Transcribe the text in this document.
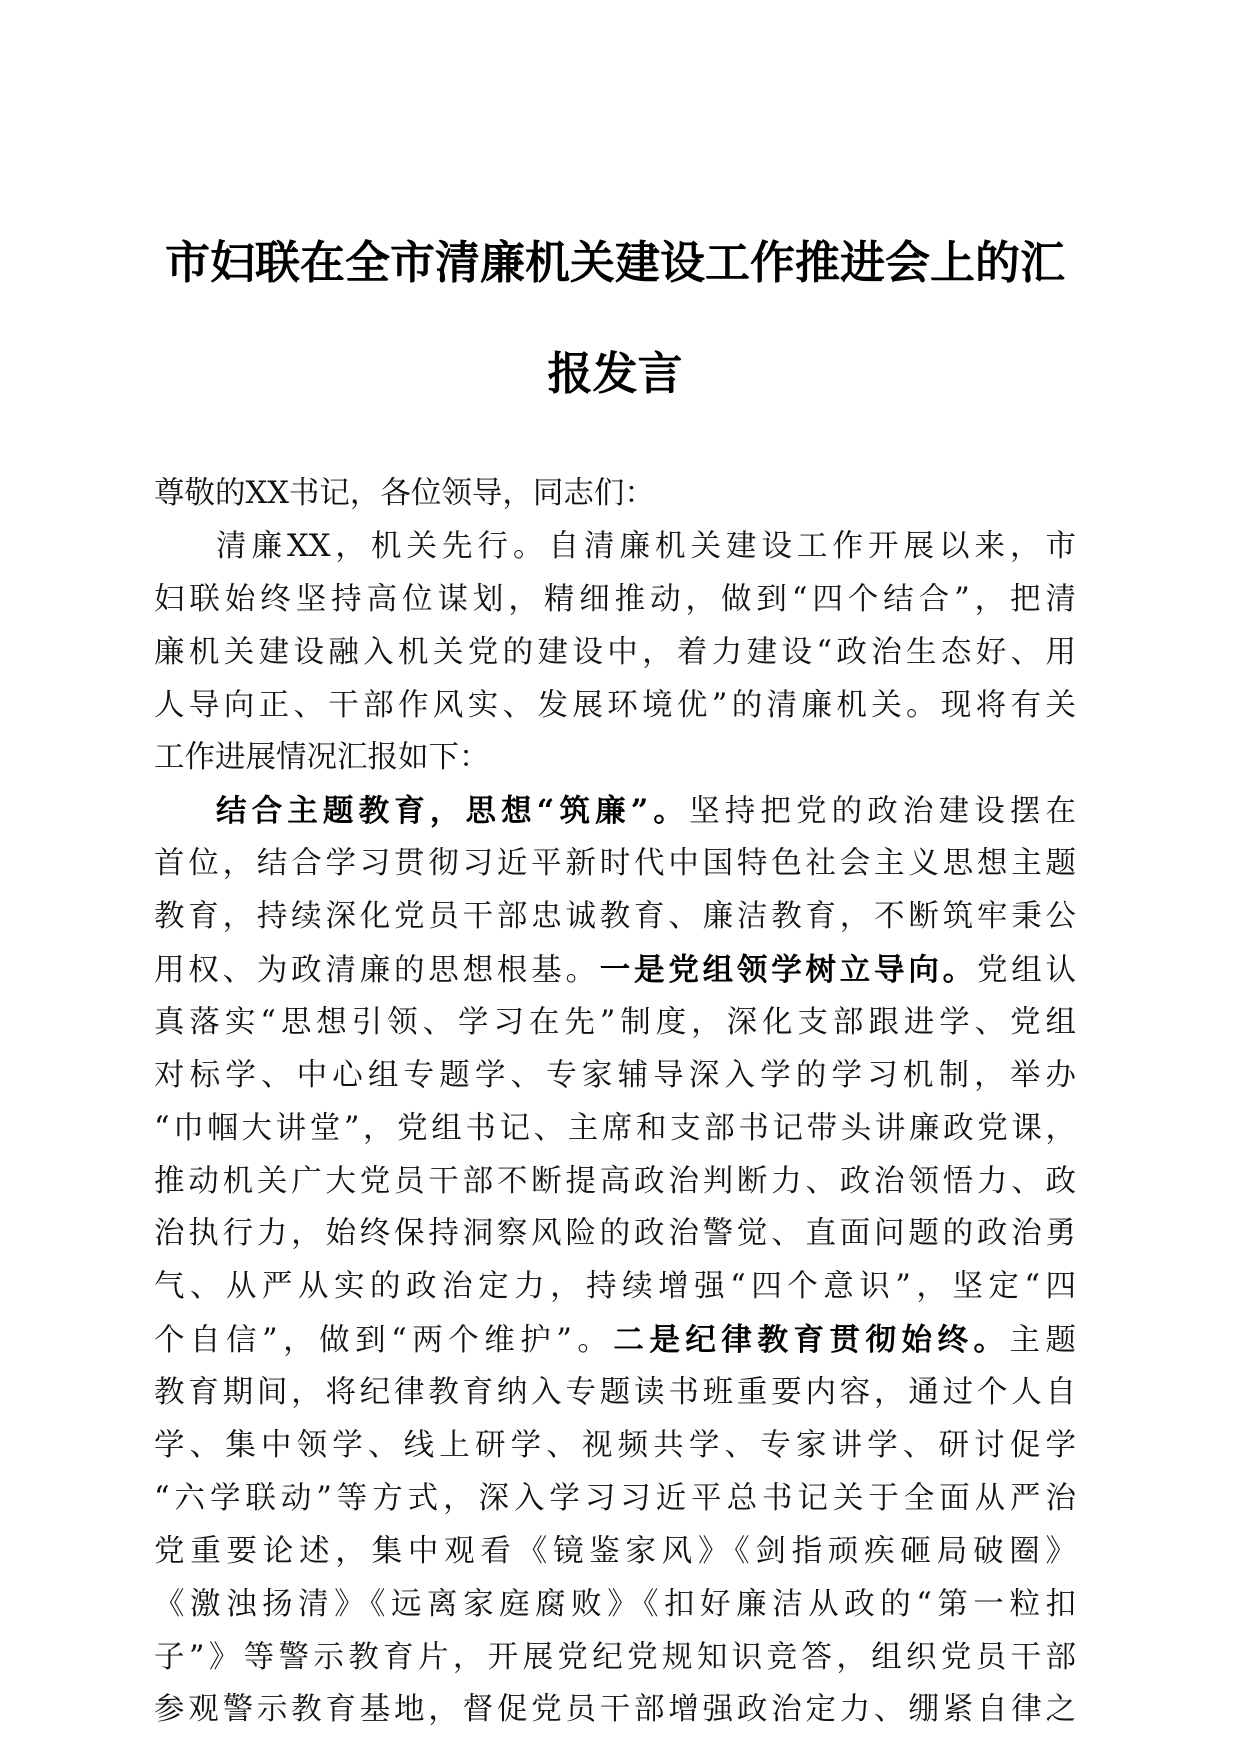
市妇联在全市清廉机关建设工作推进会上的汇
报发言
尊敬的XX书记，各位领导，同志们：
清廉XX，机关先行。自清廉机关建设工作开展以来，市
妇联始终坚持高位谋划，精细推动，做到“四个结合”，把清
廉机关建设融入机关党的建设中，着力建设“政治生态好、用
人导向正、干部作风实、发展环境优”的清廉机关。现将有关
工作进展情况汇报如下：
结合主题教育，思想“筑廉”。坚持把党的政治建设摆在
首位，结合学习贯彻习近平新时代中国特色社会主义思想主题
教育，持续深化党员干部忠诚教育、廉洁教育，不断筑牢秉公
用权、为政清廉的思想根基。一是党组领学树立导向。党组认
真落实“思想引领、学习在先”制度，深化支部跟进学、党组
对标学、中心组专题学、专家辅导深入学的学习机制，举办
“巾帼大讲堂”，党组书记、主席和支部书记带头讲廉政党课，
推动机关广大党员干部不断提高政治判断力、政治领悟力、政
治执行力，始终保持洞察风险的政治警觉、直面问题的政治勇
气、从严从实的政治定力，持续增强“四个意识”，坚定“四
个自信”，做到“两个维护”。二是纪律教育贯彻始终。主题
教育期间，将纪律教育纳入专题读书班重要内容，通过个人自
学、集中领学、线上研学、视频共学、专家讲学、研讨促学
“六学联动”等方式，深入学习习近平总书记关于全面从严治
党重要论述，集中观看《镜鉴家风》《剑指顽疾砸局破圈》
《激浊扬清》《远离家庭腐败》《扣好廉洁从政的“第一粒扣
子”》等警示教育片，开展党纪党规知识竞答，组织党员干部
参观警示教育基地，督促党员干部增强政治定力、绷紧自律之
